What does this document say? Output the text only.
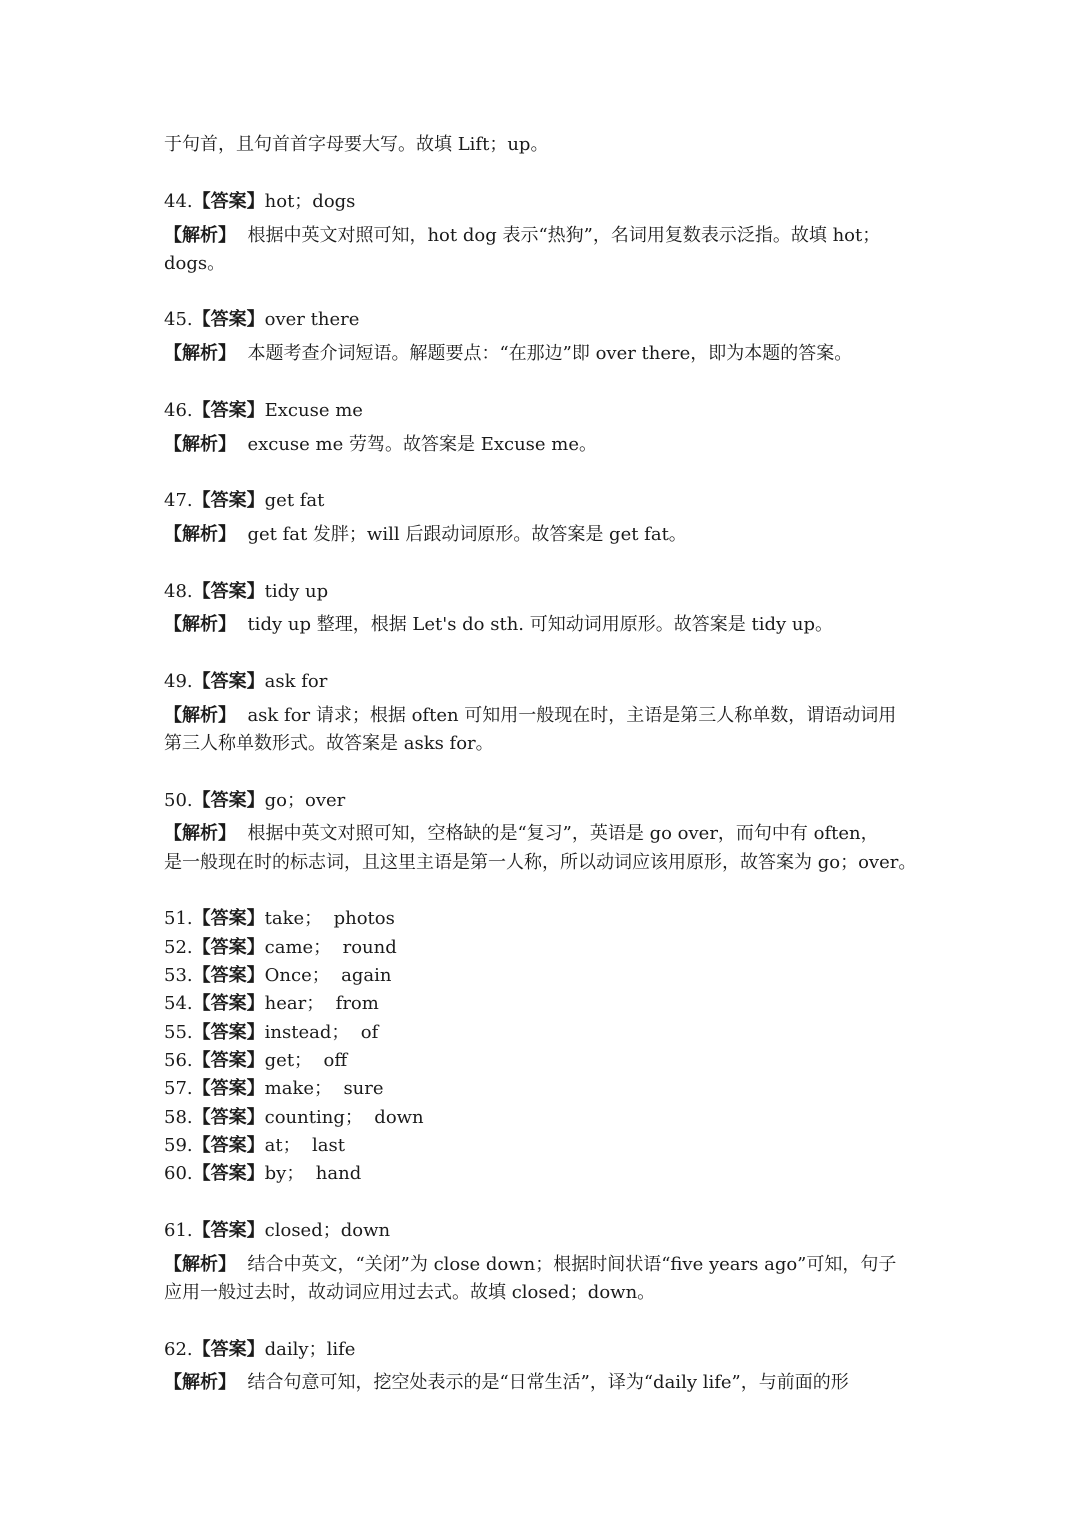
于句首，且句首首字母要大写。故填 Lift；up。
44.【答案】hot；dogs
【解析】 根据中英文对照可知，hot dog 表示“热狗”，名词用复数表示泛指。故填 hot；
dogs。
45.【答案】over there
【解析】 本题考查介词短语。解题要点：“在那边”即 over there，即为本题的答案。
46.【答案】Excuse me
【解析】 excuse me 劳驾。故答案是 Excuse me。
47.【答案】get fat
【解析】 get fat 发胖；will 后跟动词原形。故答案是 get fat。
48.【答案】tidy up
【解析】 tidy up 整理，根据 Let's do sth. 可知动词用原形。故答案是 tidy up。
49.【答案】ask for
【解析】 ask for 请求；根据 often 可知用一般现在时，主语是第三人称单数，谓语动词用
第三人称单数形式。故答案是 asks for。
50.【答案】go；over
【解析】 根据中英文对照可知，空格缺的是“复习”，英语是 go over，而句中有 often，
是一般现在时的标志词，且这里主语是第一人称，所以动词应该用原形，故答案为 go；over。
51.【答案】take；  photos
52.【答案】came；  round
53.【答案】Once；  again
54.【答案】hear；  from
55.【答案】instead；  of
56.【答案】get；  off
57.【答案】make；  sure
58.【答案】counting；  down
59.【答案】at；  last
60.【答案】by；  hand
61.【答案】closed；down
【解析】 结合中英文，“关闭”为 close down；根据时间状语“five years ago”可知，句子
应用一般过去时，故动词应用过去式。故填 closed；down。
62.【答案】daily；life
【解析】 结合句意可知，挖空处表示的是“日常生活”，译为“daily life”，与前面的形
